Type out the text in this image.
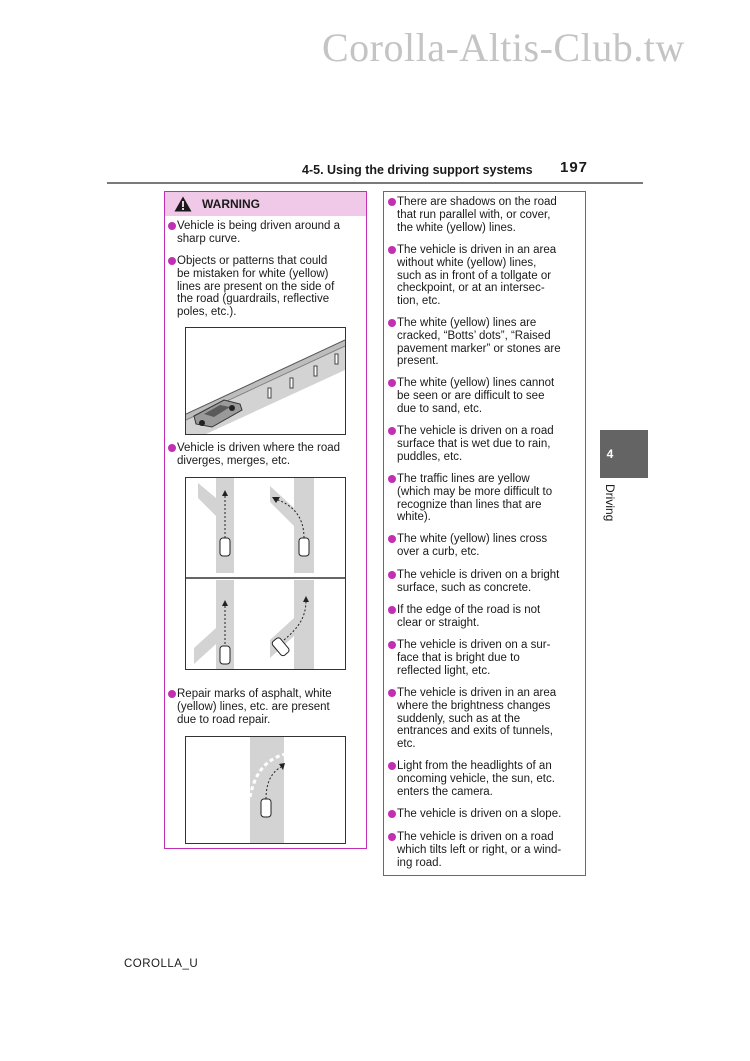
Corolla-Altis-Club.tw
4-5. Using the driving support systems 197
WARNING
Vehicle is being driven around a
sharp curve.
Objects or patterns that could
be mistaken for white (yellow)
lines are present on the side of
the road (guardrails, reflective
poles, etc.).
Vehicle is driven where the road
diverges, merges, etc.
Repair marks of asphalt, white
(yellow) lines, etc. are present
due to road repair.
There are shadows on the road
that run parallel with, or cover,
the white (yellow) lines.
The vehicle is driven in an area
without white (yellow) lines,
such as in front of a tollgate or
checkpoint, or at an intersec-
tion, etc.
The white (yellow) lines are
cracked, “Botts’ dots”, “Raised
pavement marker” or stones are
present.
The white (yellow) lines cannot
be seen or are difficult to see
due to sand, etc.
The vehicle is driven on a road
surface that is wet due to rain,
puddles, etc.
The traffic lines are yellow
(which may be more difficult to
recognize than lines that are
white).
The white (yellow) lines cross
over a curb, etc.
The vehicle is driven on a bright
surface, such as concrete.
If the edge of the road is not
clear or straight.
The vehicle is driven on a sur-
face that is bright due to
reflected light, etc.
The vehicle is driven in an area
where the brightness changes
suddenly, such as at the
entrances and exits of tunnels,
etc.
Light from the headlights of an
oncoming vehicle, the sun, etc.
enters the camera.
The vehicle is driven on a slope.
The vehicle is driven on a road
which tilts left or right, or a wind-
ing road.
4
Driving
COROLLA_U
